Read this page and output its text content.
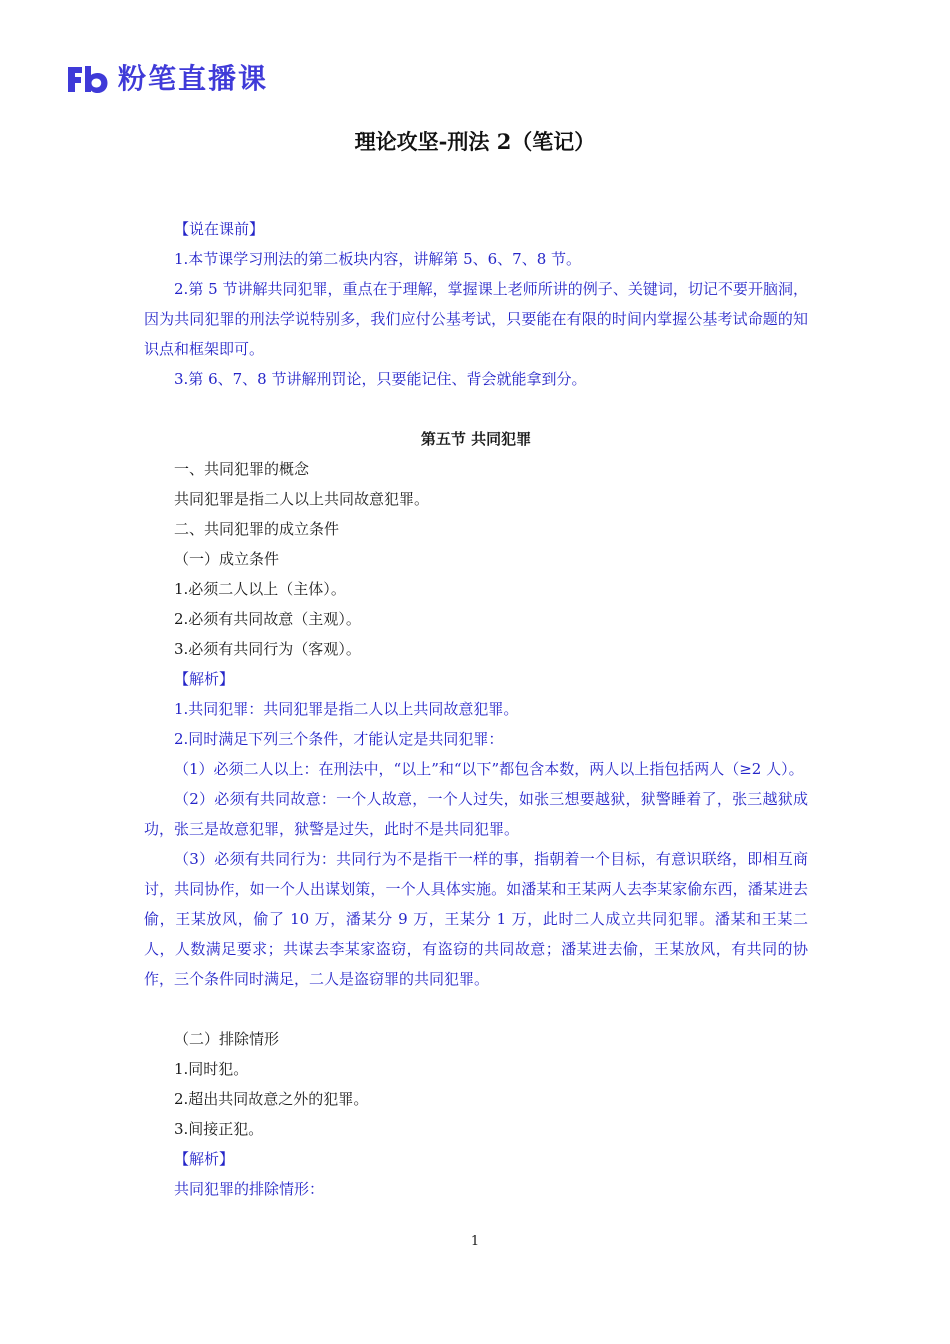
粉笔直播课
理论攻坚-刑法 2（笔记）

【说在课前】

1.本节课学习刑法的第二板块内容，讲解第 5、6、7、8 节。

2.第 5 节讲解共同犯罪，重点在于理解，掌握课上老师所讲的例子、关键词，切记不要开脑洞，因为共同犯罪的刑法学说特别多，我们应付公基考试，只要能在有限的时间内掌握公基考试命题的知识点和框架即可。

3.第 6、7、8 节讲解刑罚论，只要能记住、背会就能拿到分。

第五节 共同犯罪

一、共同犯罪的概念

共同犯罪是指二人以上共同故意犯罪。

二、共同犯罪的成立条件

（一）成立条件

1.必须二人以上（主体）。

2.必须有共同故意（主观）。

3.必须有共同行为（客观）。

【解析】

1.共同犯罪：共同犯罪是指二人以上共同故意犯罪。

2.同时满足下列三个条件，才能认定是共同犯罪：

（1）必须二人以上：在刑法中，“以上”和“以下”都包含本数，两人以上指包括两人（≥2 人）。

（2）必须有共同故意：一个人故意，一个人过失，如张三想要越狱，狱警睡着了，张三越狱成功，张三是故意犯罪，狱警是过失，此时不是共同犯罪。

（3）必须有共同行为：共同行为不是指干一样的事，指朝着一个目标，有意识联络，即相互商讨，共同协作，如一个人出谋划策，一个人具体实施。如潘某和王某两人去李某家偷东西，潘某进去偷，王某放风，偷了 10 万，潘某分 9 万，王某分 1 万，此时二人成立共同犯罪。潘某和王某二人，人数满足要求；共谋去李某家盗窃，有盗窃的共同故意；潘某进去偷，王某放风，有共同的协作，三个条件同时满足，二人是盗窃罪的共同犯罪。

（二）排除情形

1.同时犯。

2.超出共同故意之外的犯罪。

3.间接正犯。

【解析】

共同犯罪的排除情形：

1
